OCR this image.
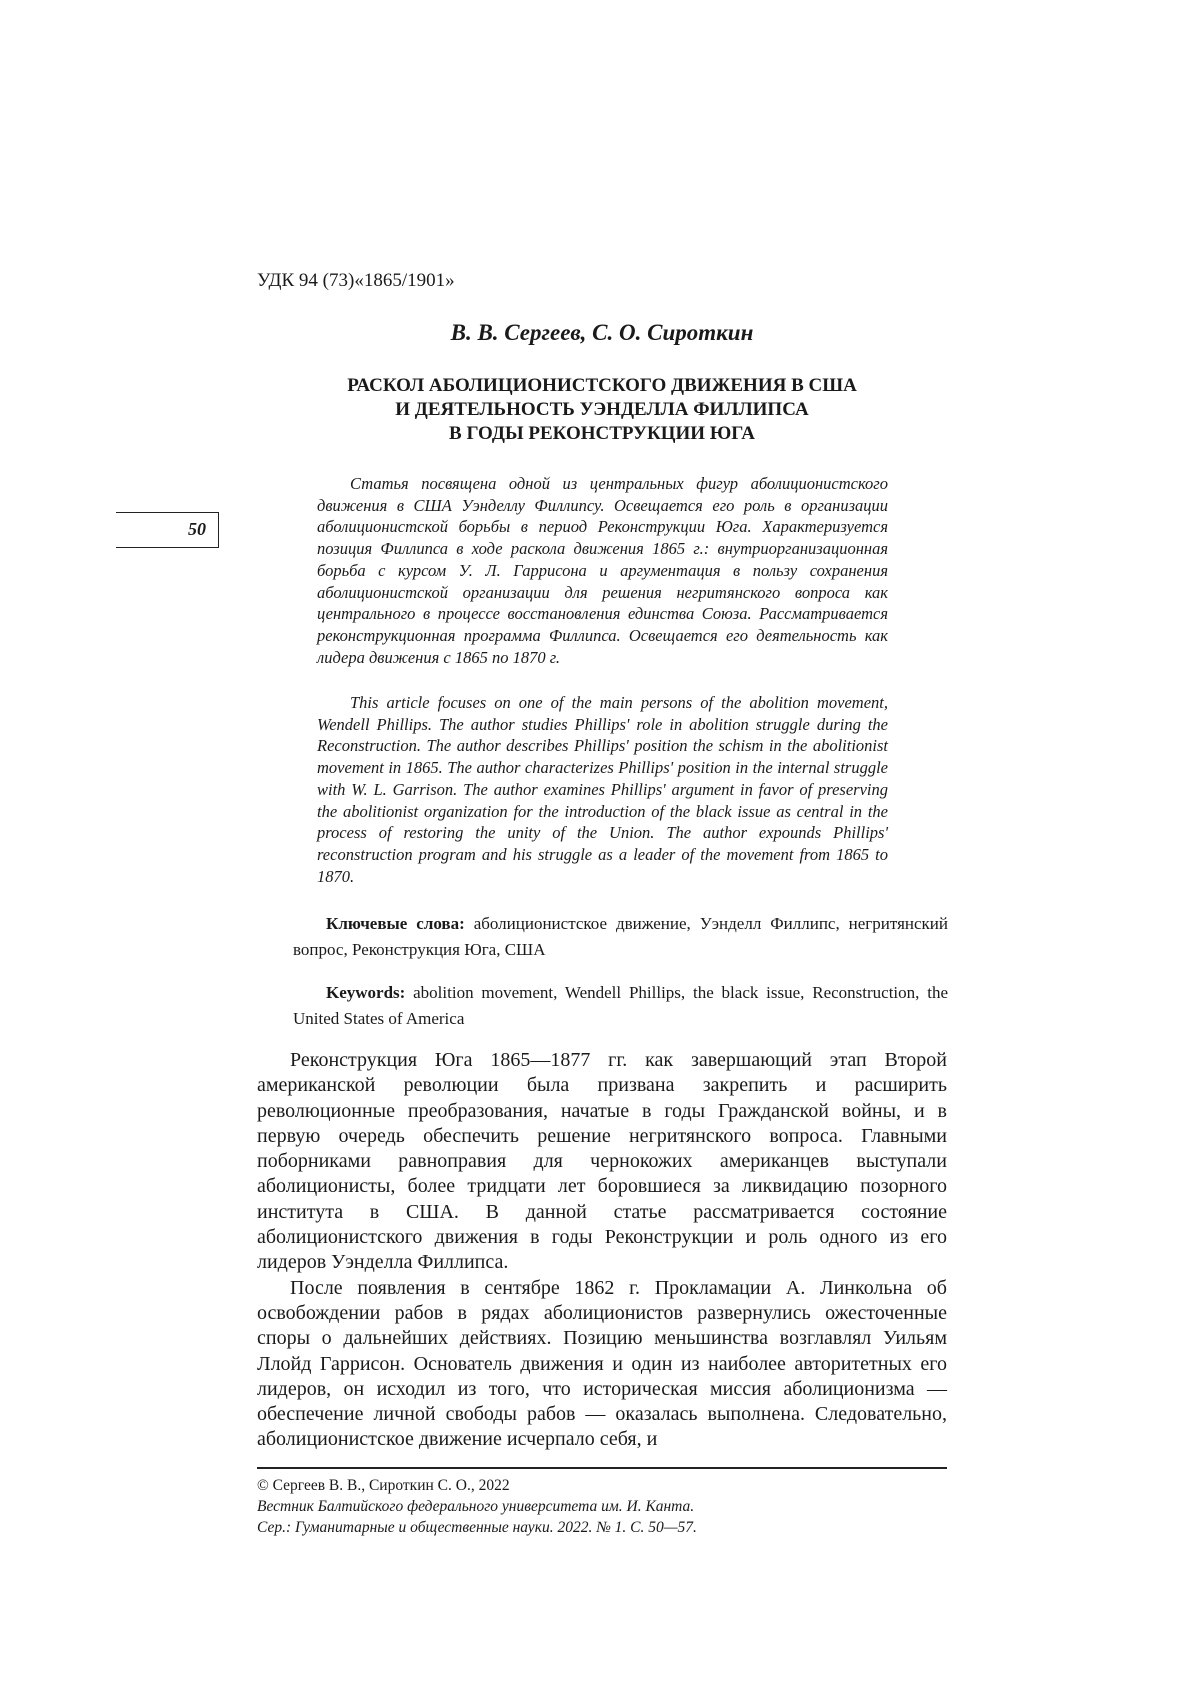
УДК 94 (73)«1865/1901»
В. В. Сергеев, С. О. Сироткин
РАСКОЛ АБОЛИЦИОНИСТСКОГО ДВИЖЕНИЯ В США
И ДЕЯТЕЛЬНОСТЬ УЭНДЕЛЛА ФИЛЛИПСА
В ГОДЫ РЕКОНСТРУКЦИИ ЮГА
50

Статья посвящена одной из центральных фигур аболиционистского движения в США Уэнделлу Филлипсу. Освещается его роль в организации аболиционистской борьбы в период Реконструкции Юга. Характеризуется позиция Филлипса в ходе раскола движения 1865 г.: внутриорганизационная борьба с курсом У. Л. Гаррисона и аргументация в пользу сохранения аболиционистской организации для решения негритянского вопроса как центрального в процессе восстановления единства Союза. Рассматривается реконструкционная программа Филлипса. Освещается его деятельность как лидера движения с 1865 по 1870 г.

This article focuses on one of the main persons of the abolition movement, Wendell Phillips. The author studies Phillips' role in abolition struggle during the Reconstruction. The author describes Phillips' position the schism in the abolitionist movement in 1865. The author characterizes Phillips' position in the internal struggle with W. L. Garrison. The author examines Phillips' argument in favor of preserving the abolitionist organization for the introduction of the black issue as central in the process of restoring the unity of the Union. The author expounds Phillips' reconstruction program and his struggle as a leader of the movement from 1865 to 1870.

Ключевые слова: аболиционистское движение, Уэнделл Филлипс, негритянский вопрос, Реконструкция Юга, США

Keywords: abolition movement, Wendell Phillips, the black issue, Reconstruction, the United States of America

Реконструкция Юга 1865—1877 гг. как завершающий этап Второй американской революции была призвана закрепить и расширить революционные преобразования, начатые в годы Гражданской войны, и в первую очередь обеспечить решение негритянского вопроса. Главными поборниками равноправия для чернокожих американцев выступали аболиционисты, более тридцати лет боровшиеся за ликвидацию позорного института в США. В данной статье рассматривается состояние аболиционистского движения в годы Реконструкции и роль одного из его лидеров Уэнделла Филлипса.

После появления в сентябре 1862 г. Прокламации А. Линкольна об освобождении рабов в рядах аболиционистов развернулись ожесточенные споры о дальнейших действиях. Позицию меньшинства возглавлял Уильям Ллойд Гаррисон. Основатель движения и один из наиболее авторитетных его лидеров, он исходил из того, что историческая миссия аболиционизма — обеспечение личной свободы рабов — оказалась выполнена. Следовательно, аболиционистское движение исчерпало себя, и

© Сергеев В. В., Сироткин С. О., 2022
Вестник Балтийского федерального университета им. И. Канта.
Сер.: Гуманитарные и общественные науки. 2022. № 1. С. 50—57.
